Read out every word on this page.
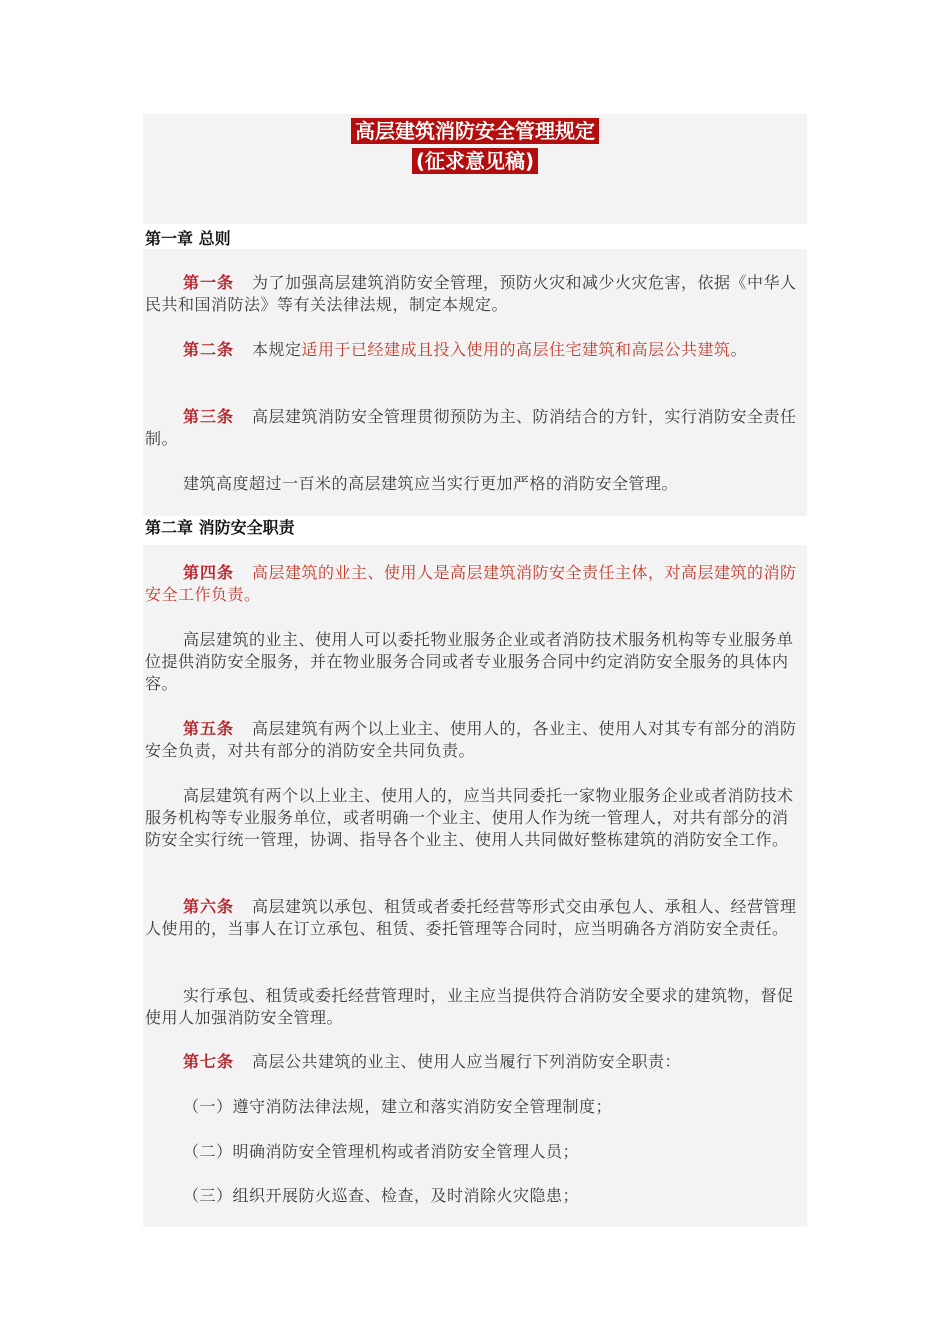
高层建筑消防安全管理规定
(征求意见稿)
第一章 总则

第一条 为了加强高层建筑消防安全管理，预防火灾和减少火灾危害，依据《中华人民共和国消防法》等有关法律法规，制定本规定。

第二条 本规定适用于已经建成且投入使用的高层住宅建筑和高层公共建筑。

第三条 高层建筑消防安全管理贯彻预防为主、防消结合的方针，实行消防安全责任制。

建筑高度超过一百米的高层建筑应当实行更加严格的消防安全管理。

第二章 消防安全职责

第四条 高层建筑的业主、使用人是高层建筑消防安全责任主体，对高层建筑的消防安全工作负责。

高层建筑的业主、使用人可以委托物业服务企业或者消防技术服务机构等专业服务单位提供消防安全服务，并在物业服务合同或者专业服务合同中约定消防安全服务的具体内容。

第五条 高层建筑有两个以上业主、使用人的，各业主、使用人对其专有部分的消防安全负责，对共有部分的消防安全共同负责。

高层建筑有两个以上业主、使用人的，应当共同委托一家物业服务企业或者消防技术服务机构等专业服务单位，或者明确一个业主、使用人作为统一管理人，对共有部分的消防安全实行统一管理，协调、指导各个业主、使用人共同做好整栋建筑的消防安全工作。

第六条 高层建筑以承包、租赁或者委托经营等形式交由承包人、承租人、经营管理人使用的，当事人在订立承包、租赁、委托管理等合同时，应当明确各方消防安全责任。

实行承包、租赁或委托经营管理时，业主应当提供符合消防安全要求的建筑物，督促使用人加强消防安全管理。

第七条 高层公共建筑的业主、使用人应当履行下列消防安全职责：

（一）遵守消防法律法规，建立和落实消防安全管理制度；

（二）明确消防安全管理机构或者消防安全管理人员；

（三）组织开展防火巡查、检查，及时消除火灾隐患；
